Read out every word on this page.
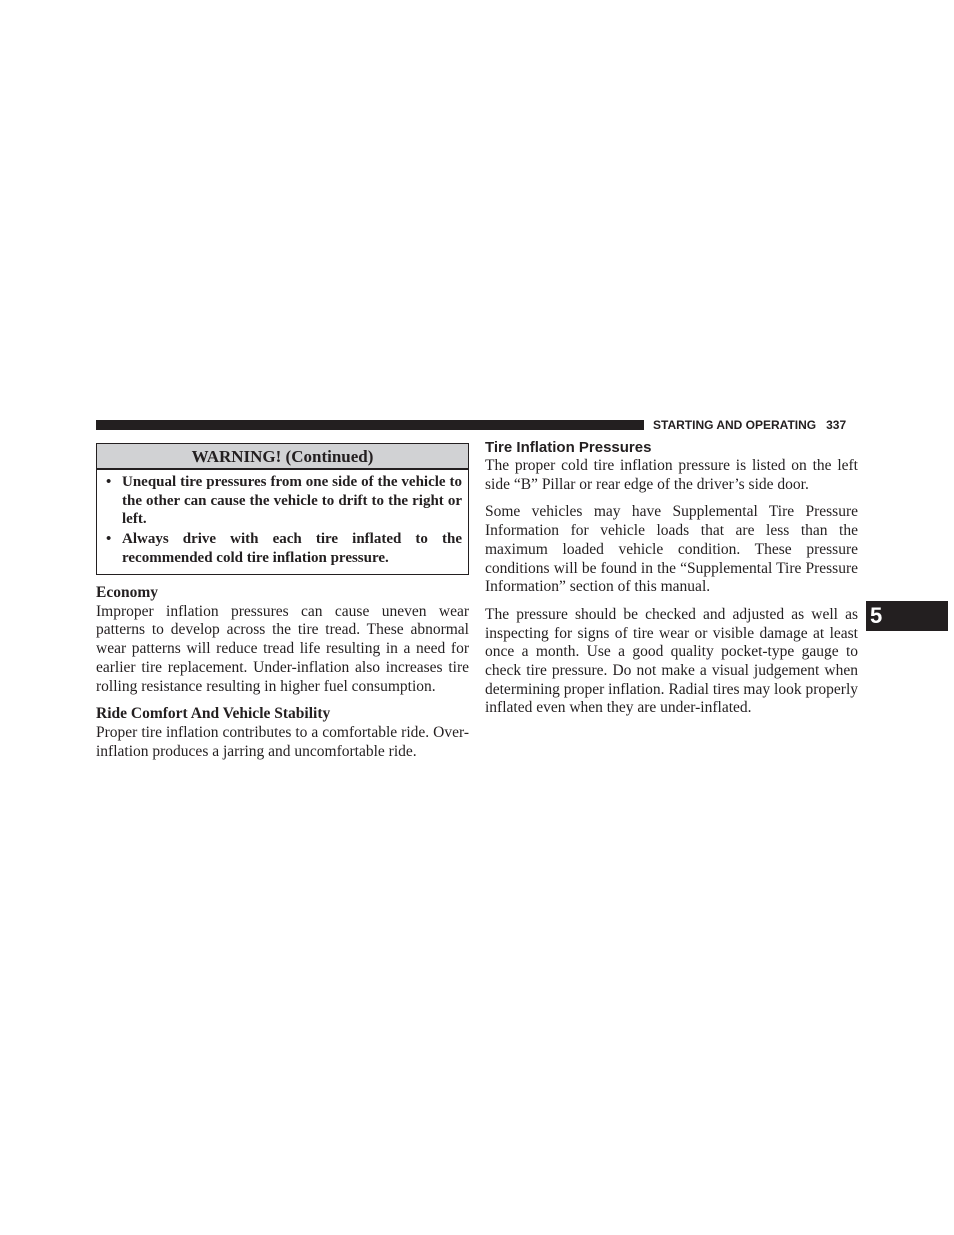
STARTING AND OPERATING 337
WARNING! (Continued)
• Unequal tire pressures from one side of the vehicle to the other can cause the vehicle to drift to the right or left.
• Always drive with each tire inflated to the recommended cold tire inflation pressure.
Economy

Improper inflation pressures can cause uneven wear patterns to develop across the tire tread. These abnormal wear patterns will reduce tread life resulting in a need for earlier tire replacement. Under-inflation also increases tire rolling resistance resulting in higher fuel consumption.

Ride Comfort And Vehicle Stability

Proper tire inflation contributes to a comfortable ride. Over-inflation produces a jarring and uncomfortable ride.

Tire Inflation Pressures

The proper cold tire inflation pressure is listed on the left side “B” Pillar or rear edge of the driver’s side door.

Some vehicles may have Supplemental Tire Pressure Information for vehicle loads that are less than the maximum loaded vehicle condition. These pressure conditions will be found in the “Supplemental Tire Pressure Information” section of this manual.

The pressure should be checked and adjusted as well as inspecting for signs of tire wear or visible damage at least once a month. Use a good quality pocket-type gauge to check tire pressure. Do not make a visual judgement when determining proper inflation. Radial tires may look properly inflated even when they are under-inflated.

5
